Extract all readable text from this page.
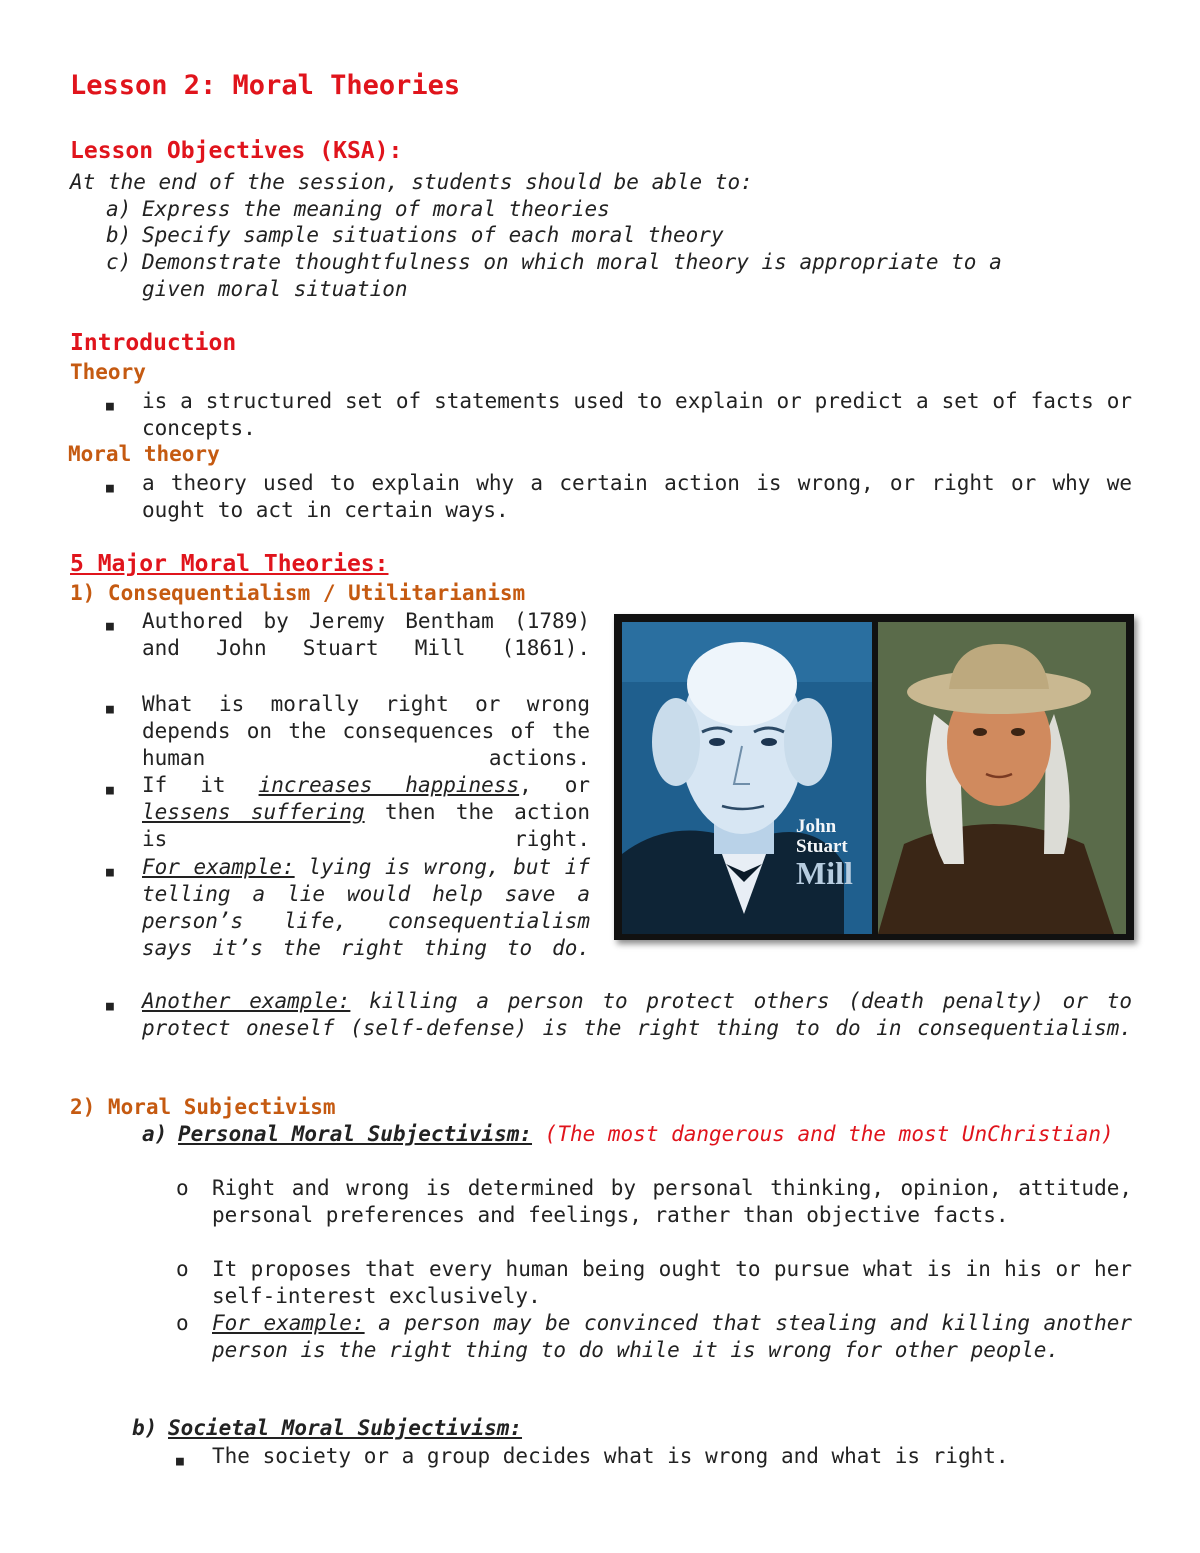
Lesson 2: Moral Theories
Lesson Objectives (KSA):
At the end of the session, students should be able to:
a) Express the meaning of moral theories
b) Specify sample situations of each moral theory
c) Demonstrate thoughtfulness on which moral theory is appropriate to a
given moral situation
Introduction
Theory
■ is a structured set of statements used to explain or predict a set of facts or concepts.
Moral theory
■ a theory used to explain why a certain action is wrong, or right or why we ought to act in certain ways.
5 Major Moral Theories:
1) Consequentialism / Utilitarianism
■ Authored by Jeremy Bentham (1789) and John Stuart Mill (1861).
■ What is morally right or wrong depends on the consequences of the human actions.
■ If it increases happiness, or lessens suffering then the action is right.
■ For example: lying is wrong, but if telling a lie would help save a person’s life, consequentialism says it’s the right thing to do.
■ Another example: killing a person to protect others (death penalty) or to protect oneself (self-defense) is the right thing to do in consequentialism.
John
Stuart
Mill
2) Moral Subjectivism
a) Personal Moral Subjectivism: (The most dangerous and the most UnChristian)
o Right and wrong is determined by personal thinking, opinion, attitude, personal preferences and feelings, rather than objective facts.
o It proposes that every human being ought to pursue what is in his or her self-interest exclusively.
o For example: a person may be convinced that stealing and killing another person is the right thing to do while it is wrong for other people.
b) Societal Moral Subjectivism:
■ The society or a group decides what is wrong and what is right.
